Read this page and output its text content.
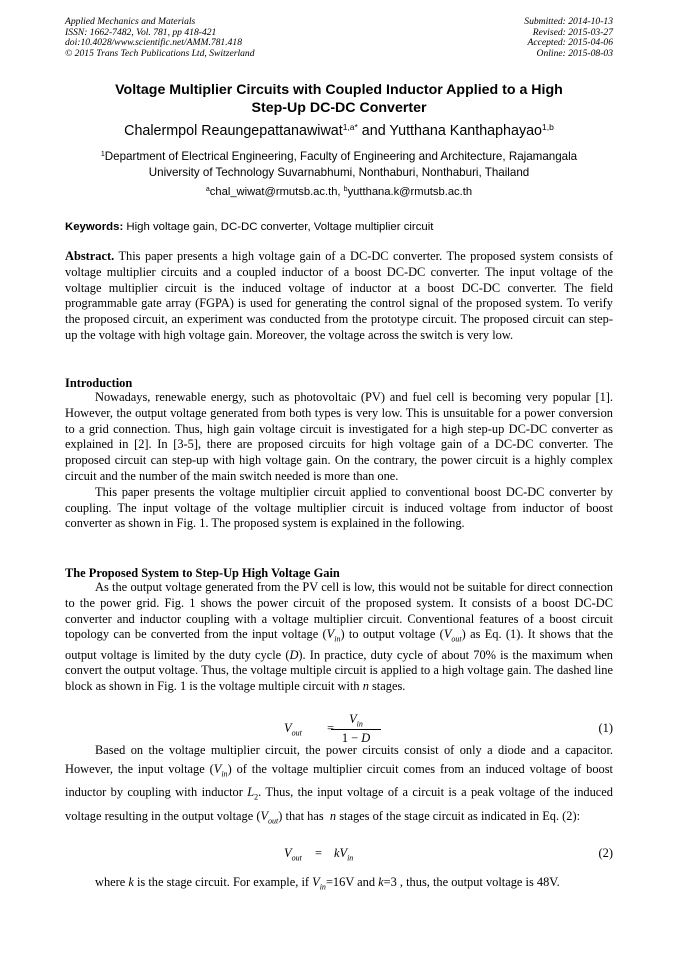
Applied Mechanics and Materials
ISSN: 1662-7482, Vol. 781, pp 418-421
doi:10.4028/www.scientific.net/AMM.781.418
© 2015 Trans Tech Publications Ltd, Switzerland
Submitted: 2014-10-13
Revised: 2015-03-27
Accepted: 2015-04-06
Online: 2015-08-03
Voltage Multiplier Circuits with Coupled Inductor Applied to a High
Step-Up DC-DC Converter
Chalermpol Reaungepattanawiwat$^{1,a*}$ and Yutthana Kanthaphayao$^{1,b}$
$^1$Department of Electrical Engineering, Faculty of Engineering and Architecture, Rajamangala
University of Technology Suvarnabhumi, Nonthaburi, Nonthaburi, Thailand
$^a$chal_wiwat@rmutsb.ac.th, $^b$yutthana.k@rmutsb.ac.th
Keywords: High voltage gain, DC-DC converter, Voltage multiplier circuit

Abstract. This paper presents a high voltage gain of a DC-DC converter. The proposed system consists of voltage multiplier circuits and a coupled inductor of a boost DC-DC converter. The input voltage of the voltage multiplier circuit is the induced voltage of inductor at a boost DC-DC converter. The field programmable gate array (FGPA) is used for generating the control signal of the proposed system. To verify the proposed circuit, an experiment was conducted from the prototype circuit. The proposed circuit can step-up the voltage with high voltage gain. Moreover, the voltage across the switch is very low.

Introduction

Nowadays, renewable energy, such as photovoltaic (PV) and fuel cell is becoming very popular [1]. However, the output voltage generated from both types is very low. This is unsuitable for a power conversion to a grid connection. Thus, high gain voltage circuit is investigated for a high step-up DC-DC converter as explained in [2]. In [3-5], there are proposed circuits for high voltage gain of a DC-DC converter. The proposed circuit can step-up with high voltage gain. On the contrary, the power circuit is a highly complex circuit and the number of the main switch needed is more than one.

This paper presents the voltage multiplier circuit applied to conventional boost DC-DC converter by coupling. The input voltage of the voltage multiplier circuit is induced voltage from inductor of boost converter as shown in Fig. 1. The proposed system is explained in the following.

The Proposed System to Step-Up High Voltage Gain

As the output voltage generated from the PV cell is low, this would not be suitable for direct connection to the power grid. Fig. 1 shows the power circuit of the proposed system. It consists of a boost DC-DC converter and inductor coupling with a voltage multiplier circuit. Conventional features of a boost circuit topology can be converted from the input voltage $(V_{in})$ to output voltage $(V_{out})$ as Eq. (1). It shows that the output voltage is limited by the duty cycle (D). In practice, duty cycle of about 70% is the maximum when convert the output voltage. Thus, the voltage multiple circuit is applied to a high voltage gain. The dashed line block as shown in Fig. 1 is the voltage multiple circuit with n stages.

$V_{out}$ =
$V_{in}$
1 − D
(1)

Based on the voltage multiplier circuit, the power circuits consist of only a diode and a capacitor. However, the input voltage $(V_{in})$ of the voltage multiplier circuit comes from an induced voltage of boost inductor by coupling with inductor $L_2$. Thus, the input voltage of a circuit is a peak voltage of the induced voltage resulting in the output voltage $(V_{out})$ that has  n stages of the stage circuit as indicated in Eq. (2):

$V_{out} = kV_{in}$	(2)

where k is the stage circuit. For example, if $V_{in}=16V$ and k=3 , thus, the output voltage is 48V.
